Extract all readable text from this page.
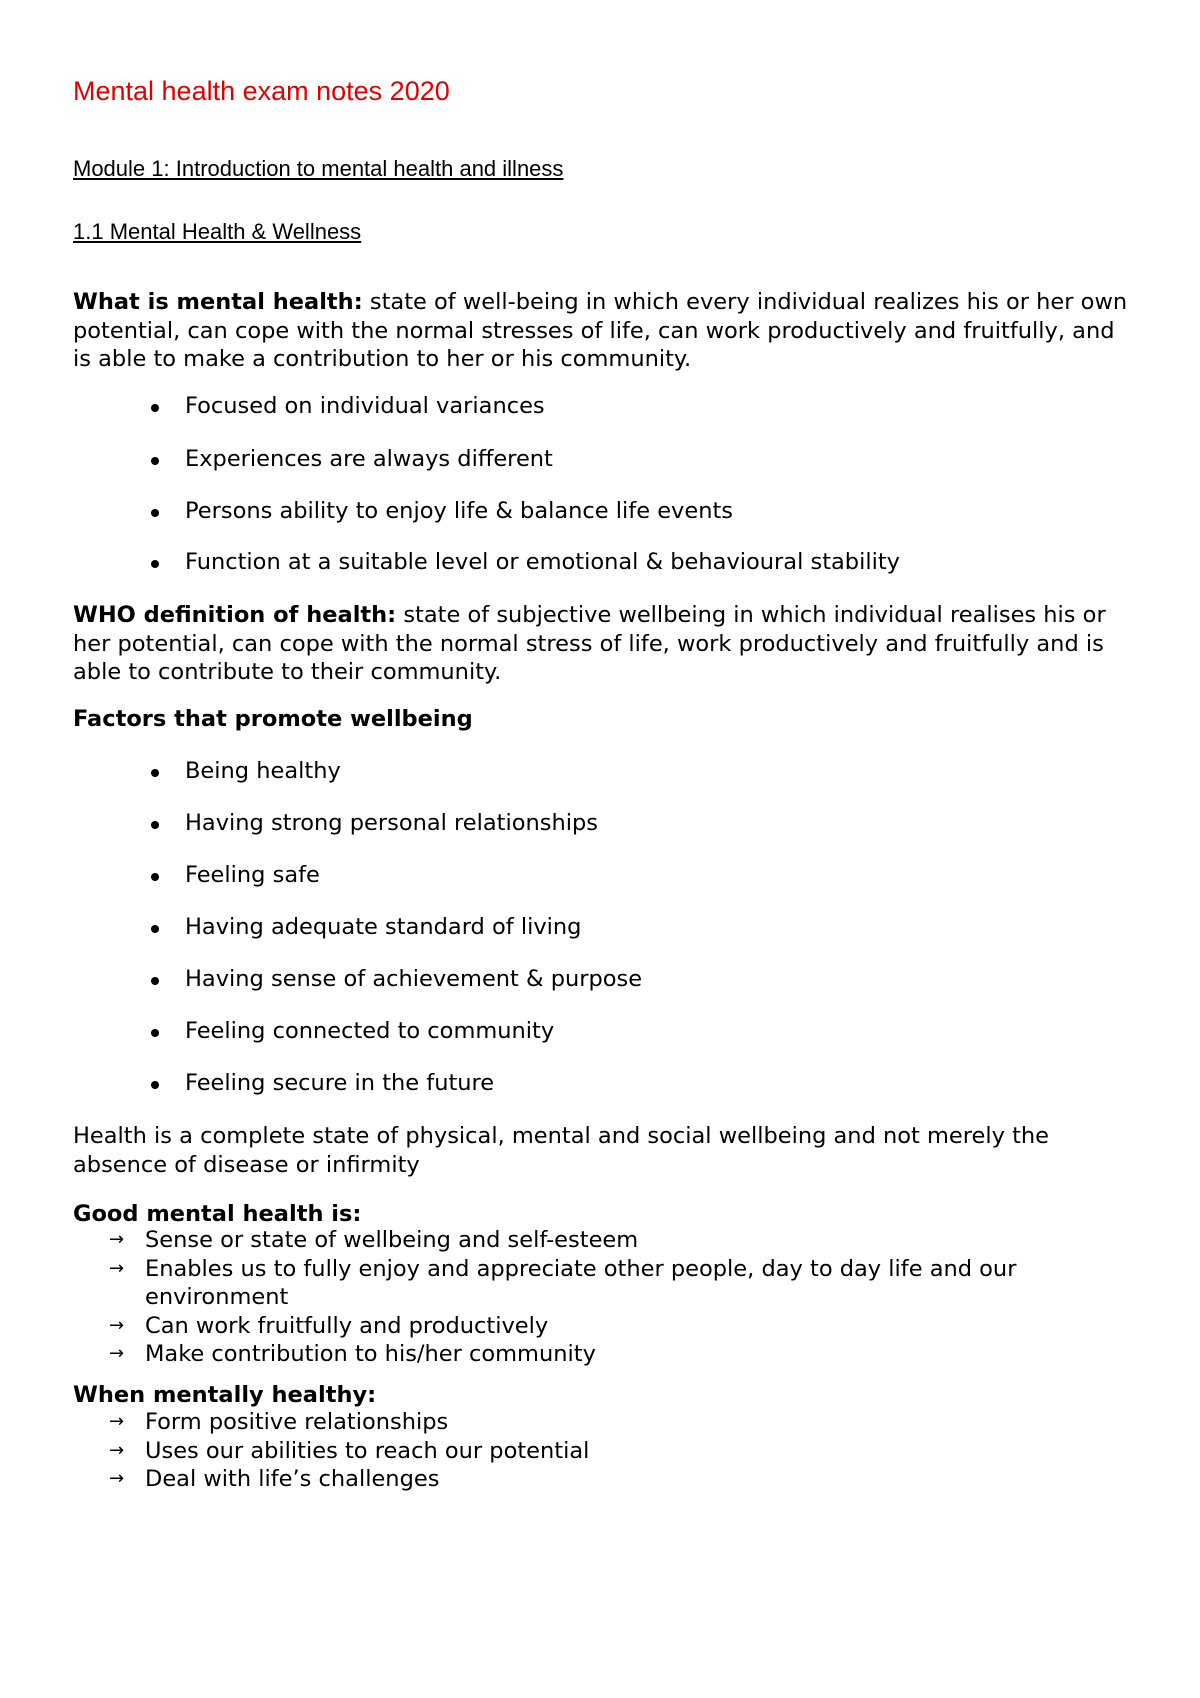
Mental health exam notes 2020
Module 1: Introduction to mental health and illness
1.1 Mental Health & Wellness
What is mental health: state of well-being in which every individual realizes his or her own potential, can cope with the normal stresses of life, can work productively and fruitfully, and is able to make a contribution to her or his community.
Focused on individual variances
Experiences are always different
Persons ability to enjoy life & balance life events
Function at a suitable level or emotional & behavioural stability
WHO definition of health: state of subjective wellbeing in which individual realises his or her potential, can cope with the normal stress of life, work productively and fruitfully and is able to contribute to their community.
Factors that promote wellbeing
Being healthy
Having strong personal relationships
Feeling safe
Having adequate standard of living
Having sense of achievement & purpose
Feeling connected to community
Feeling secure in the future
Health is a complete state of physical, mental and social wellbeing and not merely the absence of disease or infirmity
Good mental health is:
→ Sense or state of wellbeing and self-esteem
→ Enables us to fully enjoy and appreciate other people, day to day life and our environment
→ Can work fruitfully and productively
→ Make contribution to his/her community
When mentally healthy:
→ Form positive relationships
→ Uses our abilities to reach our potential
→ Deal with life’s challenges
